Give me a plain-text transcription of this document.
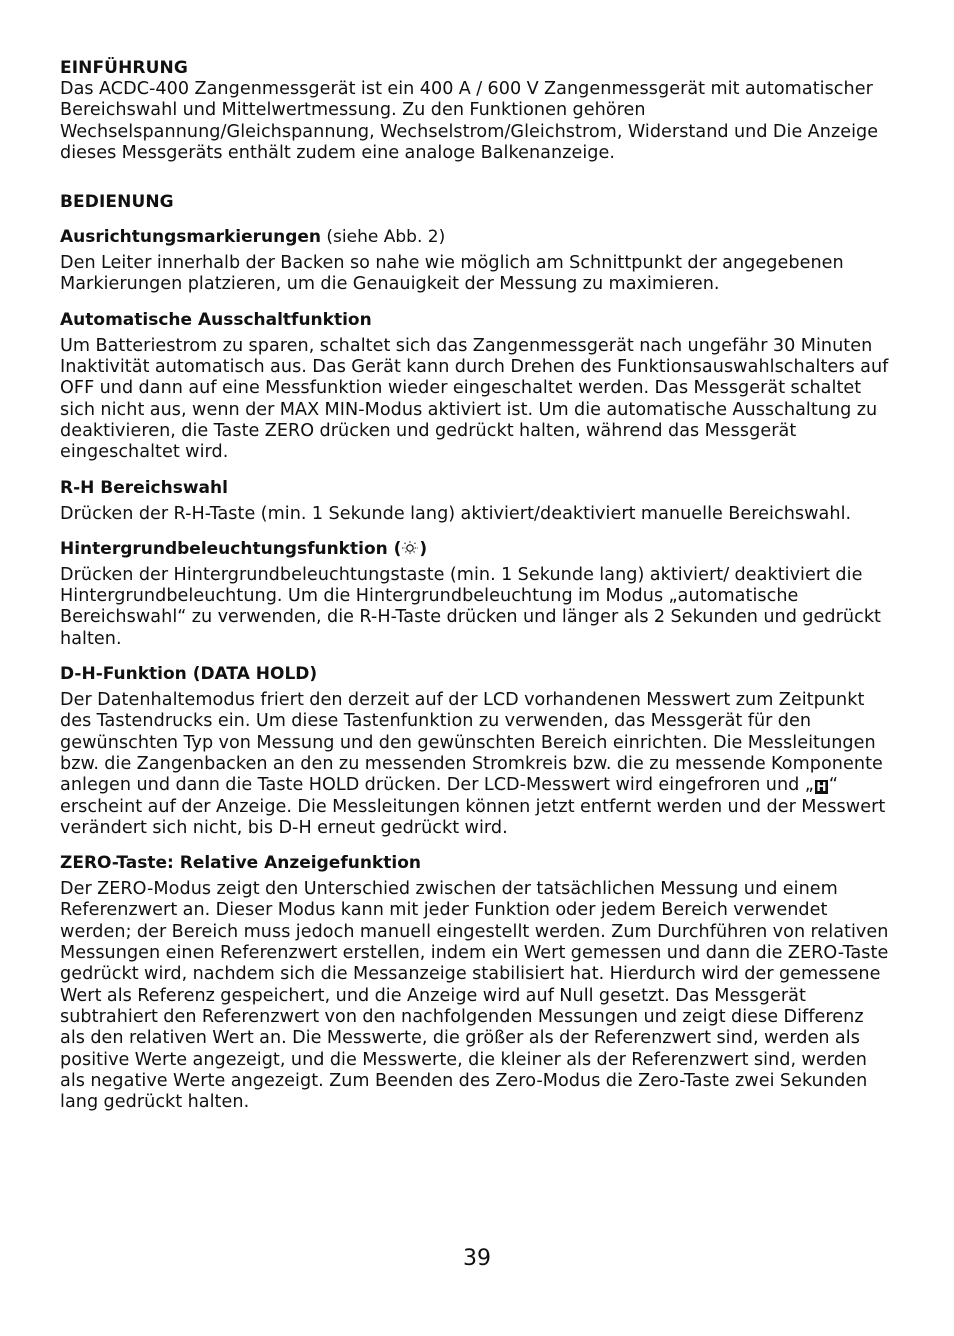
EINFÜHRUNG

Das ACDC-400 Zangenmessgerät ist ein 400 A / 600 V Zangenmessgerät mit automatischer Bereichswahl und Mittelwertmessung. Zu den Funktionen gehören Wechselspannung/Gleichspannung, Wechselstrom/Gleichstrom, Widerstand und Die Anzeige dieses Messgeräts enthält zudem eine analoge Balkenanzeige.

BEDIENUNG
Ausrichtungsmarkierungen (siehe Abb. 2)

Den Leiter innerhalb der Backen so nahe wie möglich am Schnittpunkt der angegebenen Markierungen platzieren, um die Genauigkeit der Messung zu maximieren.

Automatische Ausschaltfunktion

Um Batteriestrom zu sparen, schaltet sich das Zangenmessgerät nach ungefähr 30 Minuten Inaktivität automatisch aus. Das Gerät kann durch Drehen des Funktionsauswahlschalters auf OFF und dann auf eine Messfunktion wieder eingeschaltet werden. Das Messgerät schaltet sich nicht aus, wenn der MAX MIN-Modus aktiviert ist. Um die automatische Ausschaltung zu deaktivieren, die Taste ZERO drücken und gedrückt halten, während das Messgerät eingeschaltet wird.

R-H Bereichswahl

Drücken der R-H-Taste (min. 1 Sekunde lang) aktiviert/deaktiviert manuelle Bereichswahl.

Hintergrundbeleuchtungsfunktion ( )

Drücken der Hintergrundbeleuchtungstaste (min. 1 Sekunde lang) aktiviert/ deaktiviert die Hintergrundbeleuchtung. Um die Hintergrundbeleuchtung im Modus „automatische Bereichswahl“ zu verwenden, die R-H-Taste drücken und länger als 2 Sekunden und gedrückt halten.

D-H-Funktion (DATA HOLD)

Der Datenhaltemodus friert den derzeit auf der LCD vorhandenen Messwert zum Zeitpunkt des Tastendrucks ein. Um diese Tastenfunktion zu verwenden, das Messgerät für den gewünschten Typ von Messung und den gewünschten Bereich einrichten. Die Messleitungen bzw. die Zangenbacken an den zu messenden Stromkreis bzw. die zu messende Komponente anlegen und dann die Taste HOLD drücken. Der LCD-Messwert wird eingefroren und „ H “ erscheint auf der Anzeige. Die Messleitungen können jetzt entfernt werden und der Messwert verändert sich nicht, bis D-H erneut gedrückt wird.

ZERO-Taste: Relative Anzeigefunktion

Der ZERO-Modus zeigt den Unterschied zwischen der tatsächlichen Messung und einem Referenzwert an. Dieser Modus kann mit jeder Funktion oder jedem Bereich verwendet werden; der Bereich muss jedoch manuell eingestellt werden. Zum Durchführen von relativen Messungen einen Referenzwert erstellen, indem ein Wert gemessen und dann die ZERO-Taste gedrückt wird, nachdem sich die Messanzeige stabilisiert hat. Hierdurch wird der gemessene Wert als Referenz gespeichert, und die Anzeige wird auf Null gesetzt. Das Messgerät subtrahiert den Referenzwert von den nachfolgenden Messungen und zeigt diese Differenz als den relativen Wert an. Die Messwerte, die größer als der Referenzwert sind, werden als positive Werte angezeigt, und die Messwerte, die kleiner als der Referenzwert sind, werden als negative Werte angezeigt. Zum Beenden des Zero-Modus die Zero-Taste zwei Sekunden lang gedrückt halten.

39
